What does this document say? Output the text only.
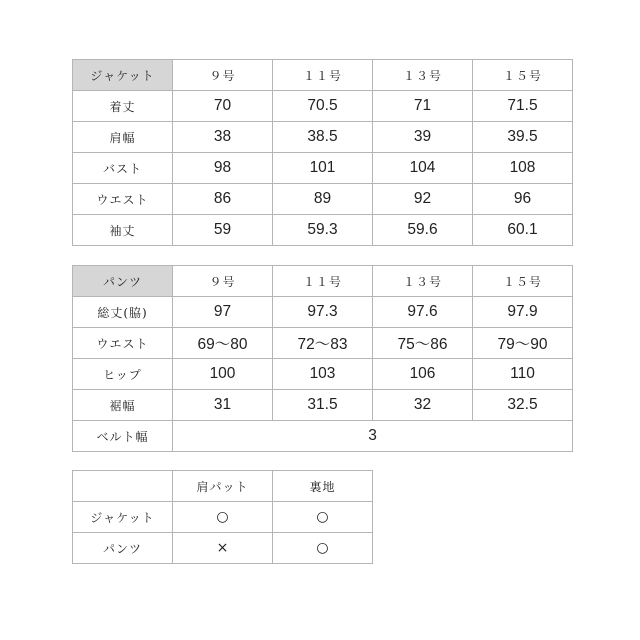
ジャケット	９号	１１号	１３号	１５号
着丈	70	70.5	71	71.5
肩幅	38	38.5	39	39.5
バスト	98	101	104	108
ウエスト	86	89	92	96
袖丈	59	59.3	59.6	60.1
パンツ	９号	１１号	１３号	１５号
総丈(脇)	97	97.3	97.6	97.9
ウエスト	69～80	72～83	75～86	79～90
ヒップ	100	103	106	110
裾幅	31	31.5	32	32.5
ベルト幅	3			
	肩パット	裏地
ジャケット	○	○
パンツ	×	○
